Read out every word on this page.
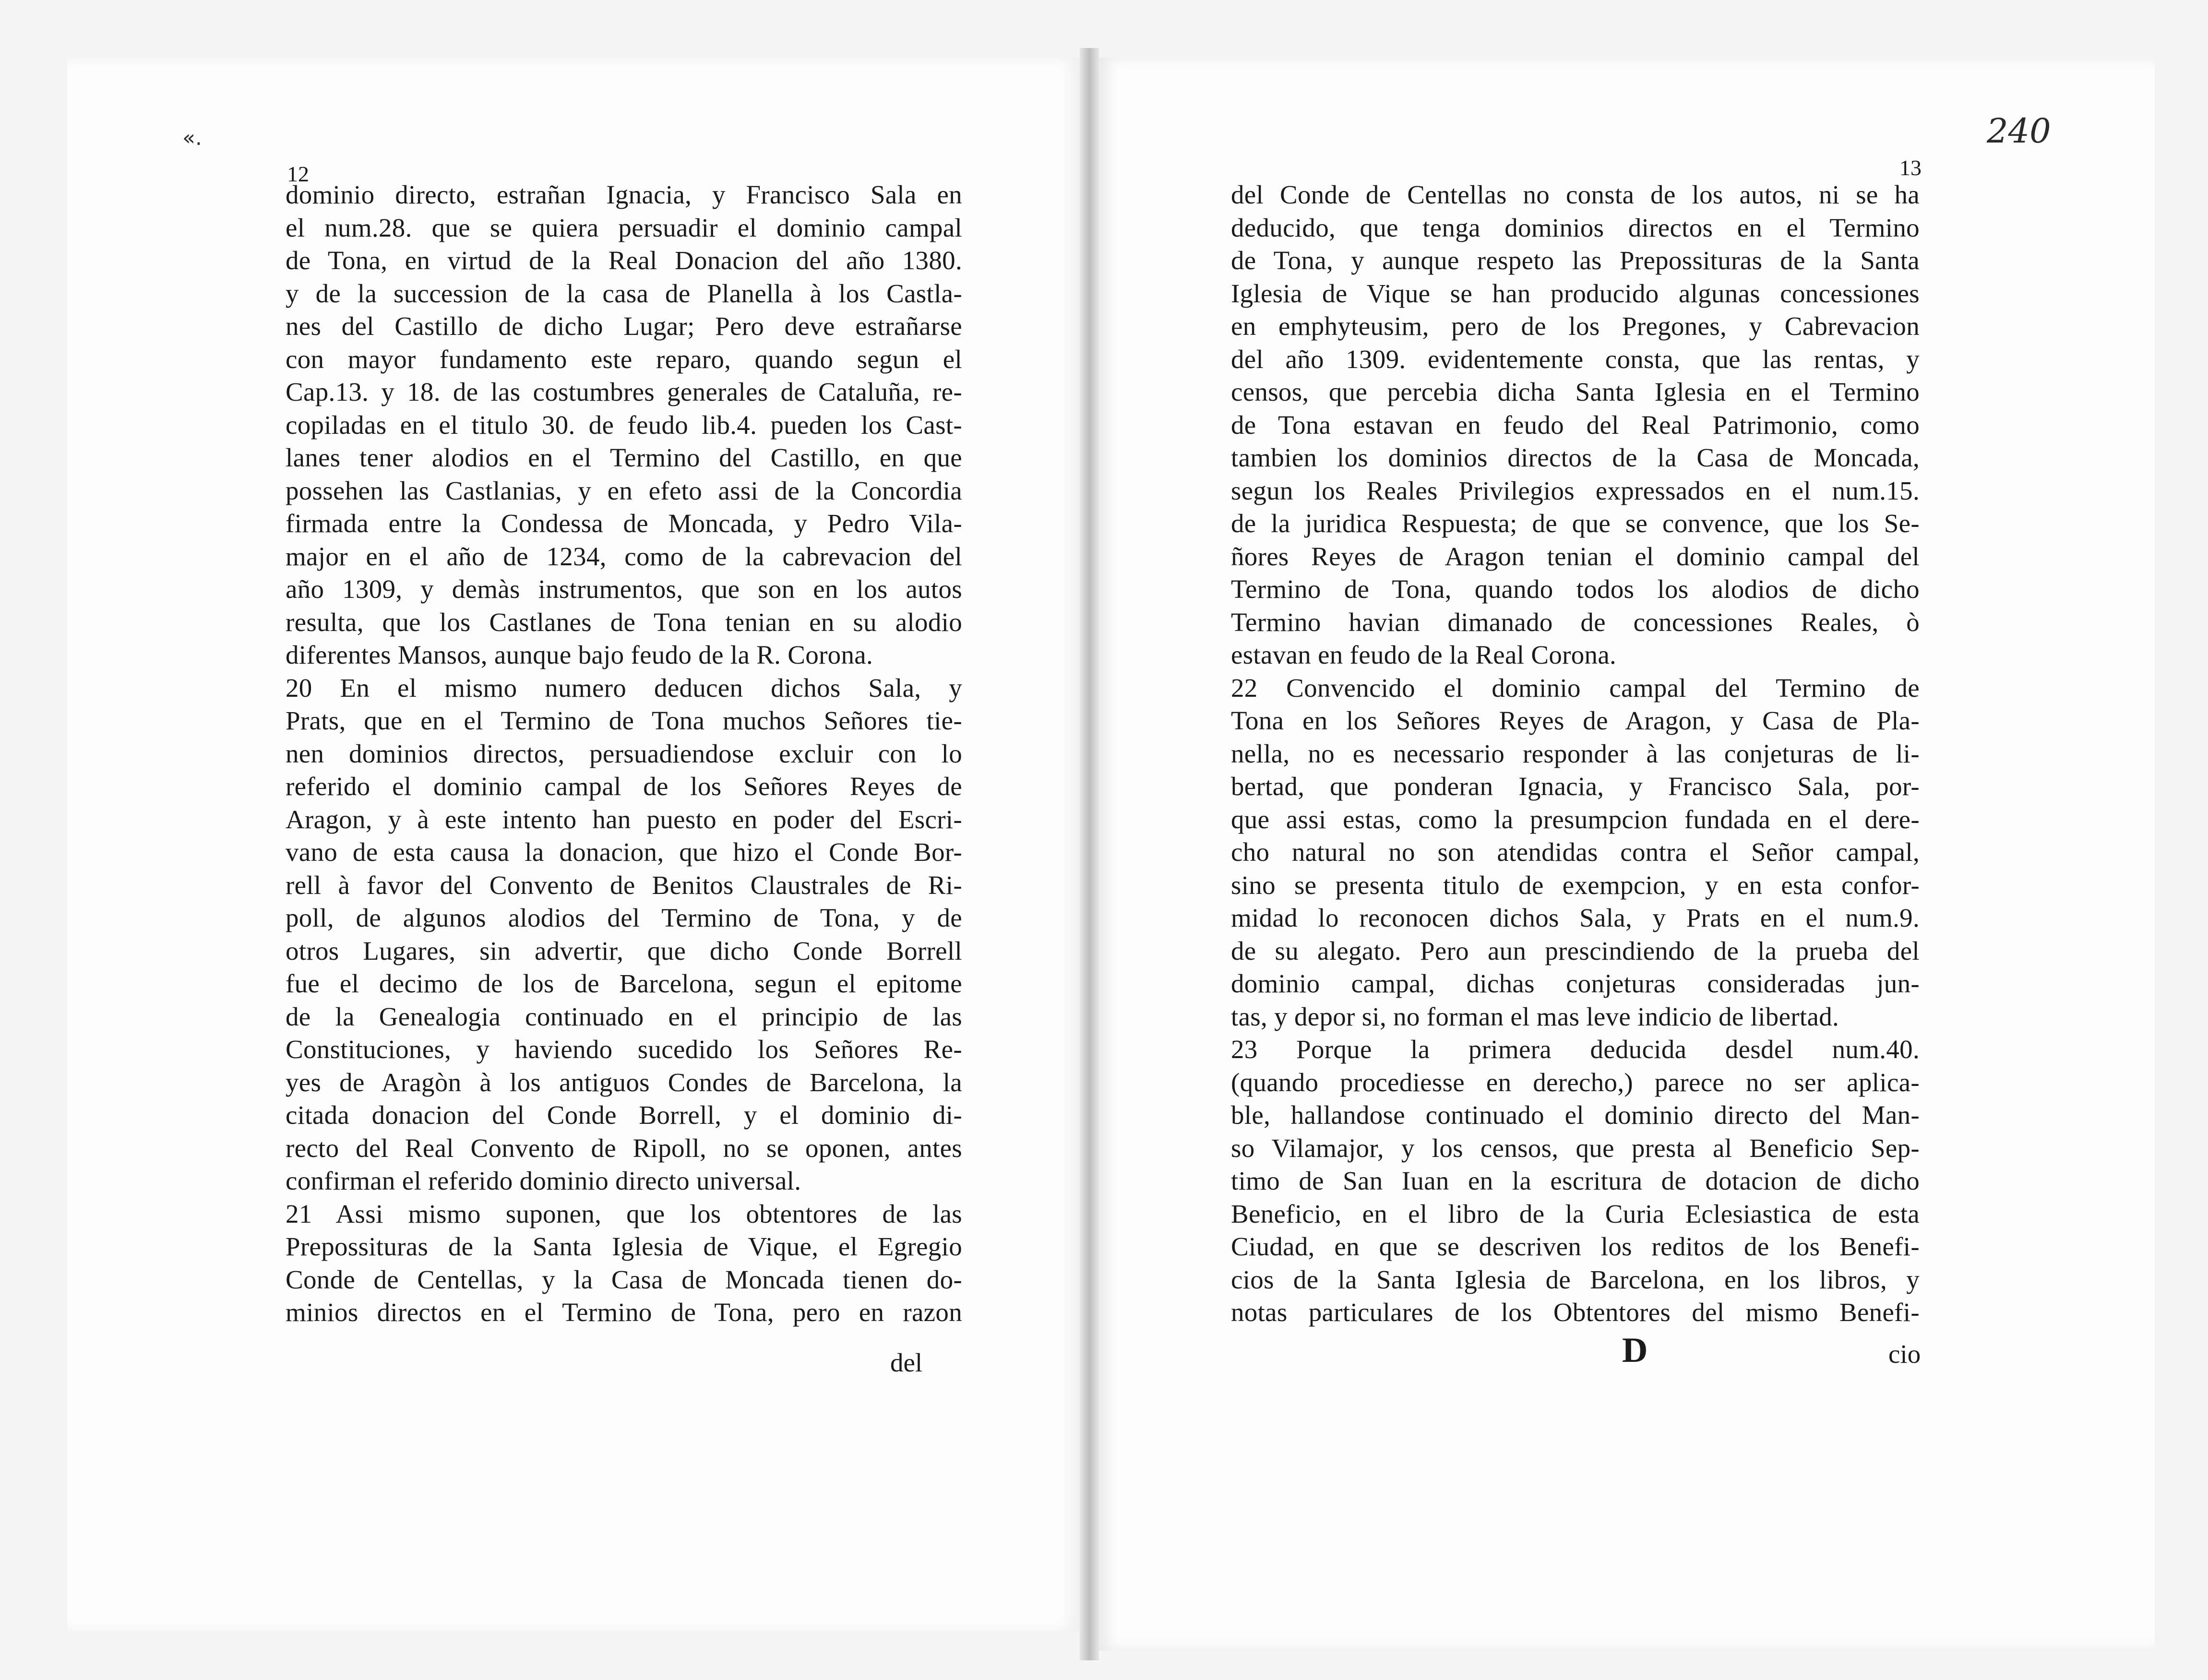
«.
12
dominio directo, estrañan Ignacia, y Francisco Sala en
el num.28. que se quiera persuadir el dominio campal
de Tona, en virtud de la Real Donacion del año 1380.
y de la succession de la casa de Planella à los Castla-
nes del Castillo de dicho Lugar; Pero deve estrañarse
con mayor fundamento este reparo, quando segun el
Cap.13. y 18. de las costumbres generales de Cataluña, re-
copiladas en el titulo 30. de feudo lib.4. pueden los Cast-
lanes tener alodios en el Termino del Castillo, en que
possehen las Castlanias, y en efeto assi de la Concordia
firmada entre la Condessa de Moncada, y Pedro Vila-
major en el año de 1234, como de la cabrevacion del
año 1309, y demàs instrumentos, que son en los autos
resulta, que los Castlanes de Tona tenian en su alodio
diferentes Mansos, aunque bajo feudo de la R. Corona.
20 En el mismo numero deducen dichos Sala, y
Prats, que en el Termino de Tona muchos Señores tie-
nen dominios directos, persuadiendose excluir con lo
referido el dominio campal de los Señores Reyes de
Aragon, y à este intento han puesto en poder del Escri-
vano de esta causa la donacion, que hizo el Conde Bor-
rell à favor del Convento de Benitos Claustrales de Ri-
poll, de algunos alodios del Termino de Tona, y de
otros Lugares, sin advertir, que dicho Conde Borrell
fue el decimo de los de Barcelona, segun el epitome
de la Genealogia continuado en el principio de las
Constituciones, y haviendo sucedido los Señores Re-
yes de Aragòn à los antiguos Condes de Barcelona, la
citada donacion del Conde Borrell, y el dominio di-
recto del Real Convento de Ripoll, no se oponen, antes
confirman el referido dominio directo universal.
21 Assi mismo suponen, que los obtentores de las
Prepossituras de la Santa Iglesia de Vique, el Egregio
Conde de Centellas, y la Casa de Moncada tienen do-
minios directos en el Termino de Tona, pero en razon
del
240
13
del Conde de Centellas no consta de los autos, ni se ha
deducido, que tenga dominios directos en el Termino
de Tona, y aunque respeto las Prepossituras de la Santa
Iglesia de Vique se han producido algunas concessiones
en emphyteusim, pero de los Pregones, y Cabrevacion
del año 1309. evidentemente consta, que las rentas, y
censos, que percebia dicha Santa Iglesia en el Termino
de Tona estavan en feudo del Real Patrimonio, como
tambien los dominios directos de la Casa de Moncada,
segun los Reales Privilegios expressados en el num.15.
de la juridica Respuesta; de que se convence, que los Se-
ñores Reyes de Aragon tenian el dominio campal del
Termino de Tona, quando todos los alodios de dicho
Termino havian dimanado de concessiones Reales, ò
estavan en feudo de la Real Corona.
22 Convencido el dominio campal del Termino de
Tona en los Señores Reyes de Aragon, y Casa de Pla-
nella, no es necessario responder à las conjeturas de li-
bertad, que ponderan Ignacia, y Francisco Sala, por-
que assi estas, como la presumpcion fundada en el dere-
cho natural no son atendidas contra el Señor campal,
sino se presenta titulo de exempcion, y en esta confor-
midad lo reconocen dichos Sala, y Prats en el num.9.
de su alegato. Pero aun prescindiendo de la prueba del
dominio campal, dichas conjeturas consideradas jun-
tas, y depor si, no forman el mas leve indicio de libertad.
23 Porque la primera deducida desdel num.40.
(quando procediesse en derecho,) parece no ser aplica-
ble, hallandose continuado el dominio directo del Man-
so Vilamajor, y los censos, que presta al Beneficio Sep-
timo de San Iuan en la escritura de dotacion de dicho
Beneficio, en el libro de la Curia Eclesiastica de esta
Ciudad, en que se descriven los reditos de los Benefi-
cios de la Santa Iglesia de Barcelona, en los libros, y
notas particulares de los Obtentores del mismo Benefi-
D	cio
